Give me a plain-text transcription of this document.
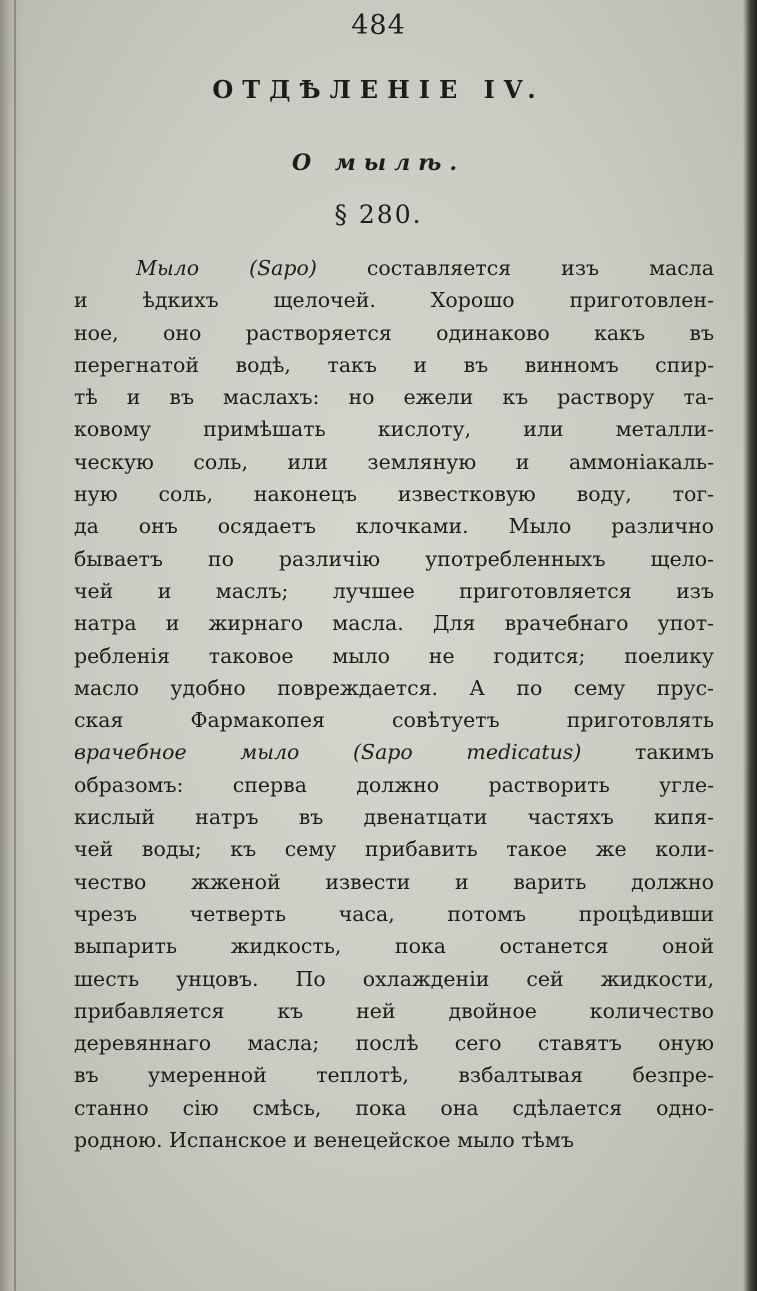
484
ОТДѢЛЕНІЕ IV.
О мылѣ.
§ 280.
Мыло (Sapo) составляется изъ масла
и ѣдкихъ щелочей. Хорошо приготовлен-
ное, оно растворяется одинаково какъ въ
перегнатой водѣ, такъ и въ винномъ спир-
тѣ и въ маслахъ: но ежели къ раствору та-
ковому примѣшать кислоту, или металли-
ческую соль, или земляную и аммоніакаль-
ную соль, наконецъ известковую воду, тог-
да онъ осядаетъ клочками. Мыло различно
бываетъ по различію употребленныхъ щело-
чей и маслъ; лучшее приготовляется изъ
натра и жирнаго масла. Для врачебнаго упот-
ребленія таковое мыло не годится; поелику
масло удобно повреждается. А по сему прус-
ская Фармакопея совѣтуетъ приготовлять
врачебное мыло (Sapo medicatus) такимъ
образомъ: сперва должно растворить угле-
кислый натръ въ двенатцати частяхъ кипя-
чей воды; къ сему прибавить такое же коли-
чество жженой извести и варить должно
чрезъ четверть часа, потомъ процѣдивши
выпарить жидкость, пока останется оной
шесть унцовъ. По охлажденіи сей жидкости,
прибавляется къ ней двойное количество
деревяннаго масла; послѣ сего ставятъ оную
въ умеренной теплотѣ, взбалтывая безпре-
станно сію смѣсь, пока она сдѣлается одно-
родною. Испанское и венецейское мыло тѣмъ
